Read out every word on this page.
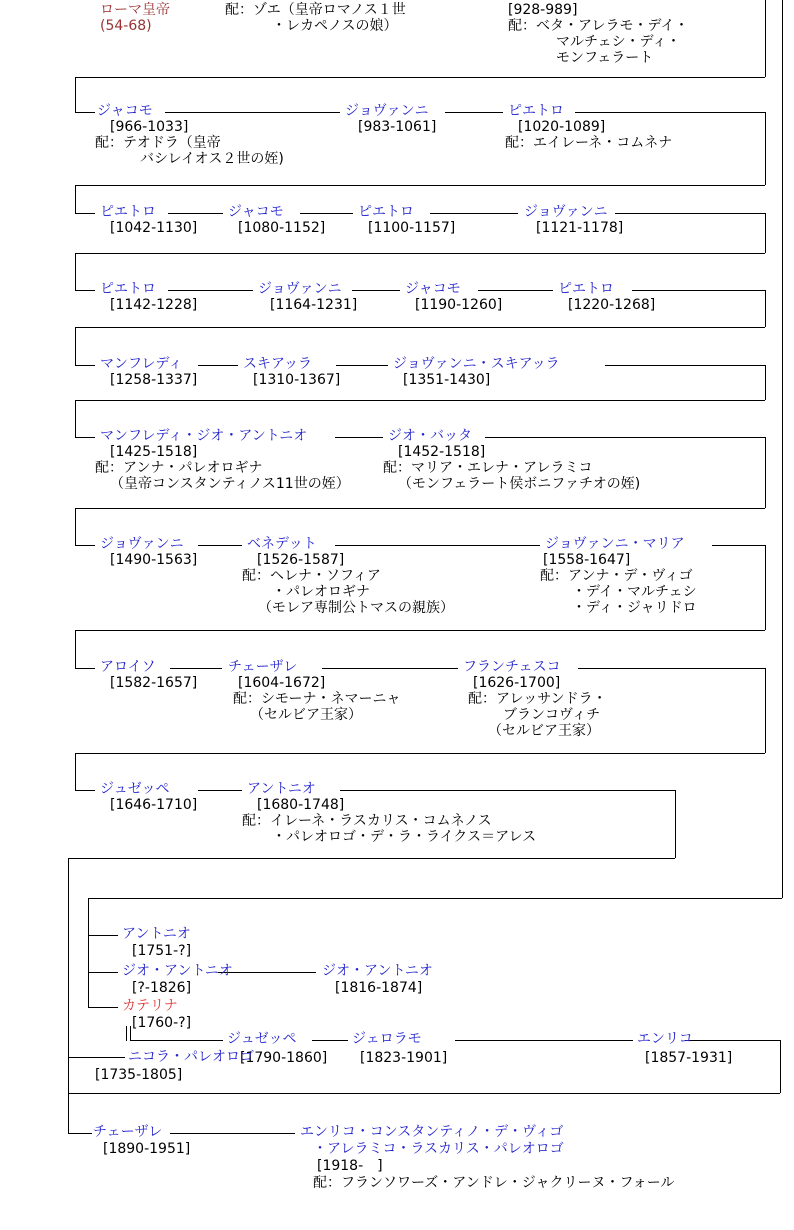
ローマ皇帝
(54-68)
配：ゾエ（皇帝ロマノス１世
・レカペノスの娘）
[928-989]
配：ベタ・アレラモ・デイ・
マルチェシ・ディ・
モンフェラート
ジャコモ
[966-1033]
配：テオドラ（皇帝
バシレイオス２世の姪)
ジョヴァンニ
[983-1061]
ピエトロ
[1020-1089]
配：エイレーネ・コムネナ
ピエトロ
[1042-1130]
ジャコモ
[1080-1152]
ピエトロ
[1100-1157]
ジョヴァンニ
[1121-1178]
ピエトロ
[1142-1228]
ジョヴァンニ
[1164-1231]
ジャコモ
[1190-1260]
ピエトロ
[1220-1268]
マンフレディ
[1258-1337]
スキアッラ
[1310-1367]
ジョヴァンニ・スキアッラ
[1351-1430]
マンフレディ・ジオ・アントニオ
[1425-1518]
配：アンナ・パレオロギナ
（皇帝コンスタンティノス11世の姪）
ジオ・バッタ
[1452-1518]
配：マリア・エレナ・アレラミコ
（モンフェラート侯ボニファチオの姪)
ジョヴァンニ
[1490-1563]
ベネデット
[1526-1587]
配：ヘレナ・ソフィア
・パレオロギナ
（モレア専制公トマスの親族）
ジョヴァンニ・マリア
[1558-1647]
配：アンナ・デ・ヴィゴ
・デイ・マルチェシ
・ディ・ジャリドロ
アロイソ
[1582-1657]
チェーザレ
[1604-1672]
配：シモーナ・ネマーニャ
（セルビア王家）
フランチェスコ
[1626-1700]
配：アレッサンドラ・
ブランコヴィチ
（セルビア王家）
ジュゼッペ
[1646-1710]
アントニオ
[1680-1748]
配：イレーネ・ラスカリス・コムネノス
・パレオロゴ・デ・ラ・ライクス＝アレス
アントニオ
[1751-?]
ジオ・アントニオ
[?-1826]
ジオ・アントニオ
[1816-1874]
カテリナ
[1760-?]
ジュゼッペ
[1790-1860]
ジェロラモ
[1823-1901]
エンリコ
[1857-1931]
ニコラ・パレオロゴ
[1735-1805]
チェーザレ
[1890-1951]
エンリコ・コンスタンティノ・デ・ヴィゴ
・アレラミコ・ラスカリス・パレオロゴ
[1918-　]
配：フランソワーズ・アンドレ・ジャクリーヌ・フォール
